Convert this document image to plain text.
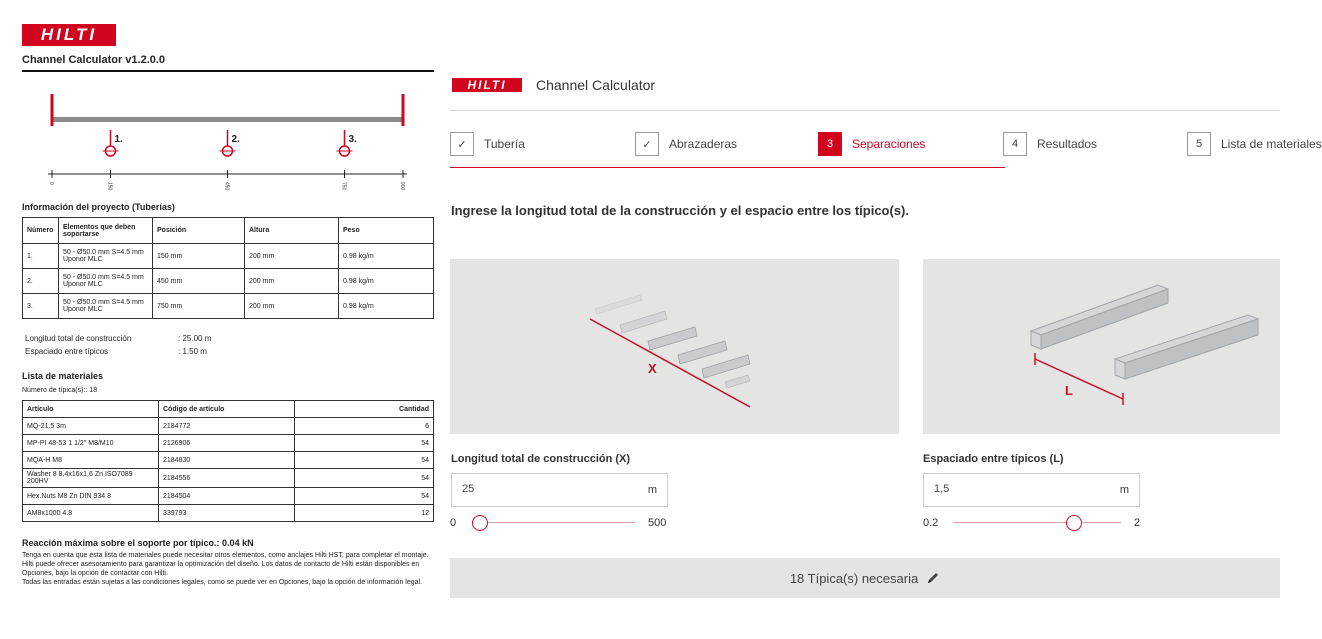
HILTI
Channel Calculator v1.2.0.0
1.	2.	3.
0	150	450	750	900
Información del proyecto (Tuberías)
Número	Elementos que deben soportarse	Posición	Altura	Peso
1.	50 - Ø50.0 mm S=4.5 mm Uponor MLC	150 mm	200 mm	0.98 kg/m
2.	50 - Ø50.0 mm S=4.5 mm Uponor MLC	450 mm	200 mm	0.98 kg/m
3.	50 - Ø50.0 mm S=4.5 mm Uponor MLC	750 mm	200 mm	0.98 kg/m
Longitud total de construcción	: 25.00 m
Espaciado entre típicos	: 1.50 m
Lista de materiales
Número de típica(s):: 18
Artículo	Código de artículo	Cantidad
MQ-21.5 3m	2184772	6
MP-PI 48-53 1 1/2" M8/M10	2126906	54
MQA-H M8	2184830	54
Washer 8 8,4x16x1,6 Zn ISO7089 200HV	2184556	54
Hex.Nuts M8 Zn DIN 934 8	2184504	54
AM8x1000 4.8	339793	12
Reacción máxima sobre el soporte por típico.: 0.04 kN

Tenga en cuenta que esta lista de materiales puede necesitar otros elementos, como anclajes Hilti HST, para completar el montaje.

Hilti puede ofrecer asesoramiento para garantizar la optimización del diseño. Los datos de contacto de Hilti están disponibles en Opciones, bajo la opción de contactar con Hilti.

Todas las entradas están sujetas a las condiciones legales, como se puede ver en Opciones, bajo la opción de información legal.

HILTI	Channel Calculator
✓	Tubería	✓	Abrazaderas	3	Separaciones	4	Resultados	5	Lista de materiales
Ingrese la longitud total de la construcción y el espacio entre los típico(s).
X
L
Longitud total de construcción (X)
25
m
0	500
Espaciado entre típicos (L)
1,5
m
0.2	2
18 Típica(s) necesaria
